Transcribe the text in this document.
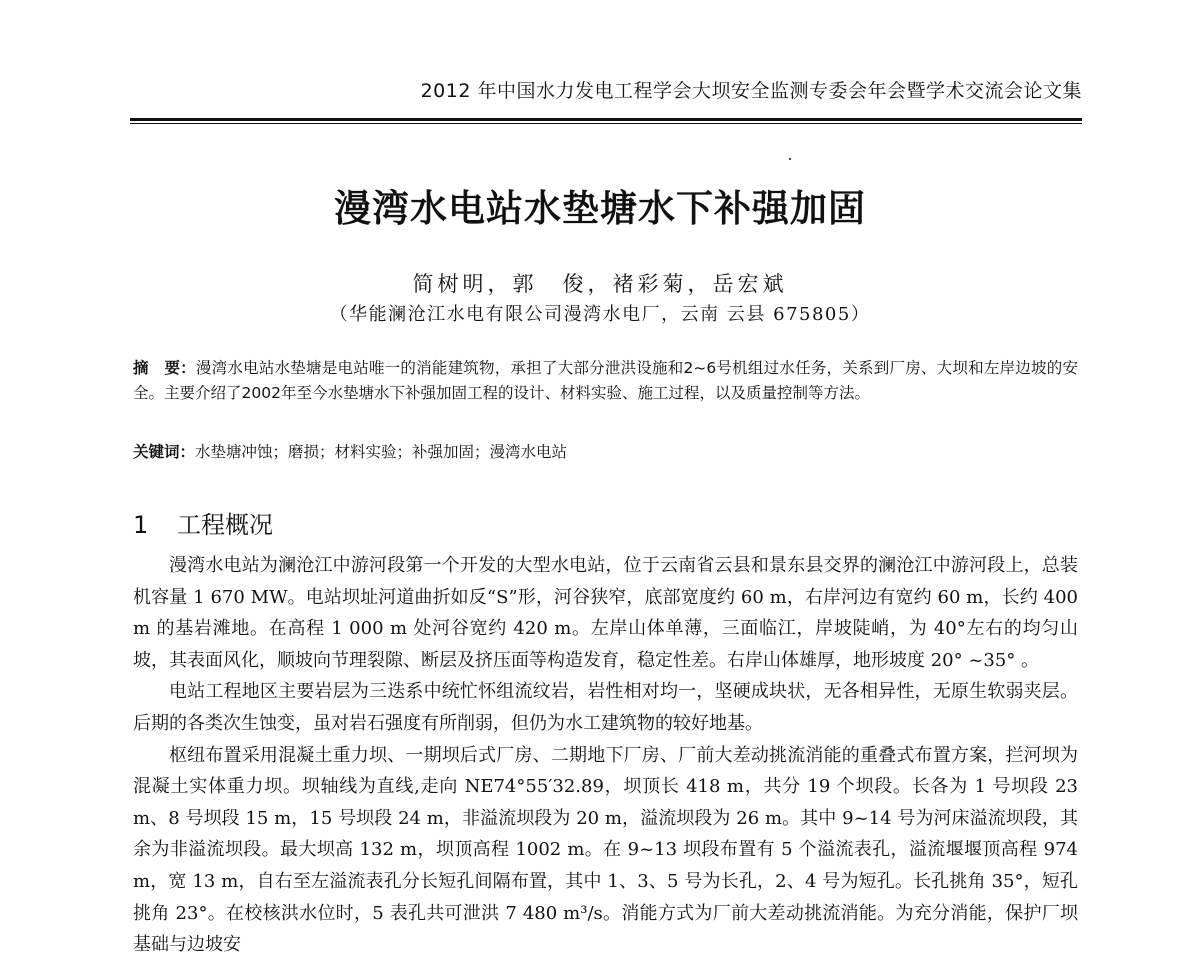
2012 年中国水力发电工程学会大坝安全监测专委会年会暨学术交流会论文集
漫湾水电站水垫塘水下补强加固
简树明，郭　俊，褚彩菊，岳宏斌
（华能澜沧江水电有限公司漫湾水电厂，云南 云县 675805）
摘　要：漫湾水电站水垫塘是电站唯一的消能建筑物，承担了大部分泄洪设施和2~6号机组过水任务，关系到厂房、大坝和左岸边坡的安全。主要介绍了2002年至今水垫塘水下补强加固工程的设计、材料实验、施工过程，以及质量控制等方法。
关键词：水垫塘冲蚀；磨损；材料实验；补强加固；漫湾水电站
1 工程概况

漫湾水电站为澜沧江中游河段第一个开发的大型水电站，位于云南省云县和景东县交界的澜沧江中游河段上，总装机容量 1 670 MW。电站坝址河道曲折如反“S”形，河谷狭窄，底部宽度约 60 m，右岸河边有宽约 60 m，长约 400 m 的基岩滩地。在高程 1 000 m 处河谷宽约 420 m。左岸山体单薄，三面临江，岸坡陡峭，为 40°左右的均匀山坡，其表面风化，顺坡向节理裂隙、断层及挤压面等构造发育，稳定性差。右岸山体雄厚，地形坡度 20° ~35° 。

电站工程地区主要岩层为三迭系中统忙怀组流纹岩，岩性相对均一，坚硬成块状，无各相异性，无原生软弱夹层。后期的各类次生蚀变，虽对岩石强度有所削弱，但仍为水工建筑物的较好地基。

枢纽布置采用混凝土重力坝、一期坝后式厂房、二期地下厂房、厂前大差动挑流消能的重叠式布置方案，拦河坝为混凝土实体重力坝。坝轴线为直线,走向 NE74°55′32.89，坝顶长 418 m，共分 19 个坝段。长各为 1 号坝段 23 m、8 号坝段 15 m，15 号坝段 24 m，非溢流坝段为 20 m，溢流坝段为 26 m。其中 9~14 号为河床溢流坝段，其余为非溢流坝段。最大坝高 132 m，坝顶高程 1002 m。在 9~13 坝段布置有 5 个溢流表孔，溢流堰堰顶高程 974 m，宽 13 m，自右至左溢流表孔分长短孔间隔布置，其中 1、3、5 号为长孔，2、4 号为短孔。长孔挑角 35°，短孔挑角 23°。在校核洪水位时，5 表孔共可泄洪 7 480 m³/s。消能方式为厂前大差动挑流消能。为充分消能，保护厂坝基础与边坡安
